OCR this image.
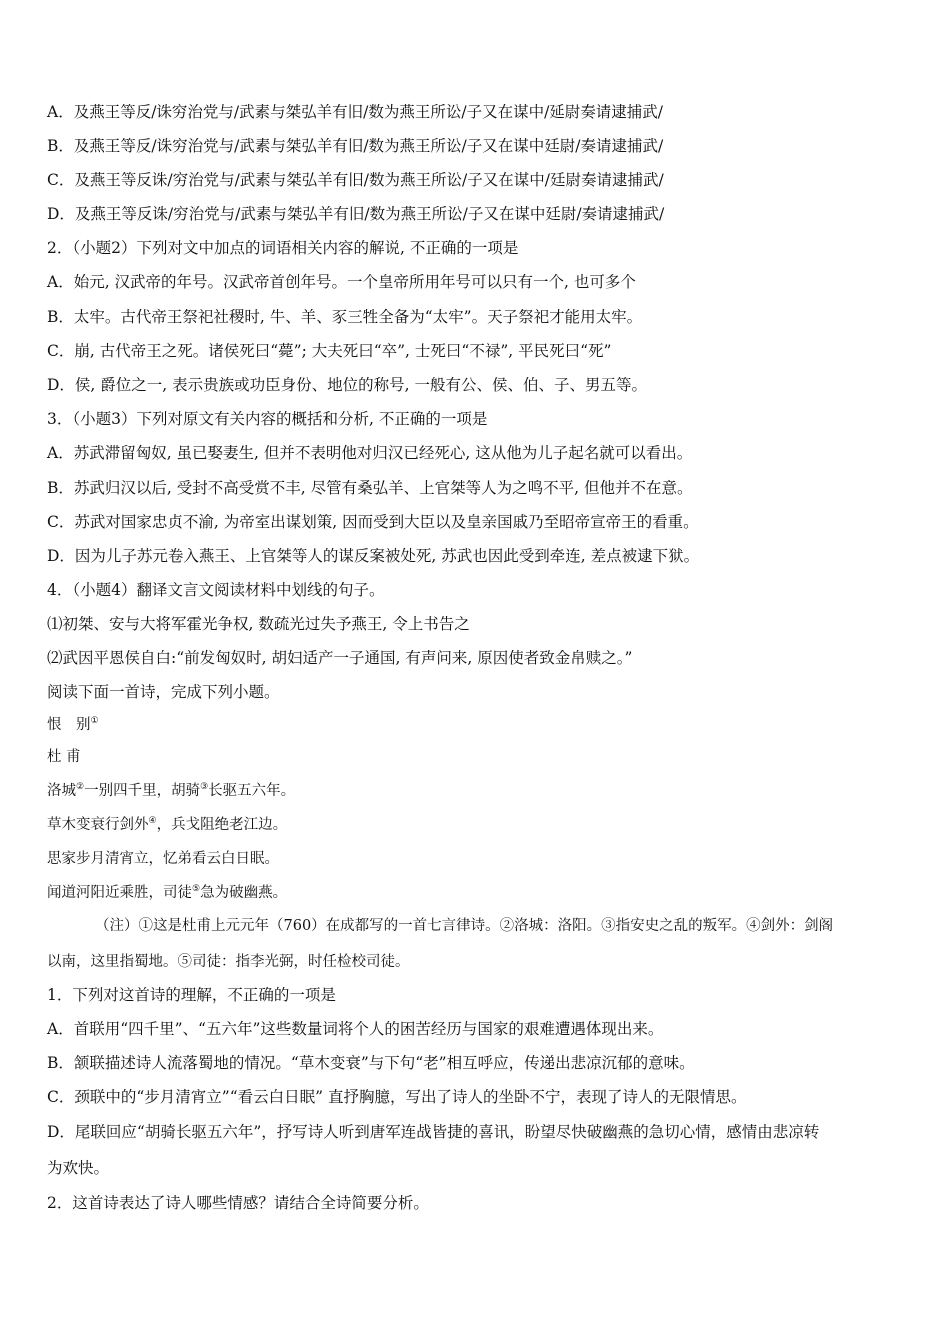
A．及燕王等反/诛穷治党与/武素与桀弘羊有旧/数为燕王所讼/子又在谋中/延尉奏请逮捕武/
B．及燕王等反/诛穷治党与/武素与桀弘羊有旧/数为燕王所讼/子又在谋中廷尉/奏请逮捕武/
C．及燕王等反诛/穷治党与/武素与桀弘羊有旧/数为燕王所讼/子又在谋中/廷尉奏请逮捕武/
D．及燕王等反诛/穷治党与/武素与桀弘羊有旧/数为燕王所讼/子又在谋中廷尉/奏请逮捕武/
2．（小题2）下列对文中加点的词语相关内容的解说, 不正确的一项是
A．始元, 汉武帝的年号。汉武帝首创年号。一个皇帝所用年号可以只有一个, 也可多个
B．太牢。古代帝王祭祀社稷时, 牛、羊、豕三牲全备为“太牢”。天子祭祀才能用太牢。
C．崩, 古代帝王之死。诸侯死曰“薨”; 大夫死曰“卒”, 士死曰“不禄”, 平民死曰“死”
D．侯, 爵位之一, 表示贵族或功臣身份、地位的称号, 一般有公、侯、伯、子、男五等。
3．（小题3）下列对原文有关内容的概括和分析, 不正确的一项是
A．苏武滞留匈奴, 虽已娶妻生, 但并不表明他对归汉已经死心, 这从他为儿子起名就可以看出。
B．苏武归汉以后, 受封不高受赏不丰, 尽管有桑弘羊、上官桀等人为之鸣不平, 但他并不在意。
C．苏武对国家忠贞不渝, 为帝室出谋划策, 因而受到大臣以及皇亲国戚乃至昭帝宣帝王的看重。
D．因为儿子苏元卷入燕王、上官桀等人的谋反案被处死, 苏武也因此受到牵连, 差点被逮下狱。
4．（小题4）翻译文言文阅读材料中划线的句子。
⑴初桀、安与大将军霍光争权, 数疏光过失予燕王, 令上书告之
⑵武因平恩侯自白:“前发匈奴时, 胡妇适产一子通国, 有声问来, 原因使者致金帛赎之。”
阅读下面一首诗，完成下列小题。
恨　别①
杜 甫
洛城②一别四千里，胡骑③长驱五六年。
草木变衰行剑外④，兵戈阻绝老江边。
思家步月清宵立，忆弟看云白日眠。
闻道河阳近乘胜，司徒⑤急为破幽燕。
（注）①这是杜甫上元元年（760）在成都写的一首七言律诗。②洛城：洛阳。③指安史之乱的叛军。④剑外：剑阁
以南，这里指蜀地。⑤司徒：指李光弼，时任检校司徒。
1．下列对这首诗的理解，不正确的一项是
A．首联用“四千里”、“五六年”这些数量词将个人的困苦经历与国家的艰难遭遇体现出来。
B．颔联描述诗人流落蜀地的情况。“草木变衰”与下句“老”相互呼应，传递出悲凉沉郁的意味。
C．颈联中的“步月清宵立”“看云白日眠” 直抒胸臆，写出了诗人的坐卧不宁，表现了诗人的无限情思。
D．尾联回应“胡骑长驱五六年”，抒写诗人听到唐军连战皆捷的喜讯，盼望尽快破幽燕的急切心情，感情由悲凉转
为欢快。
2．这首诗表达了诗人哪些情感？请结合全诗简要分析。
